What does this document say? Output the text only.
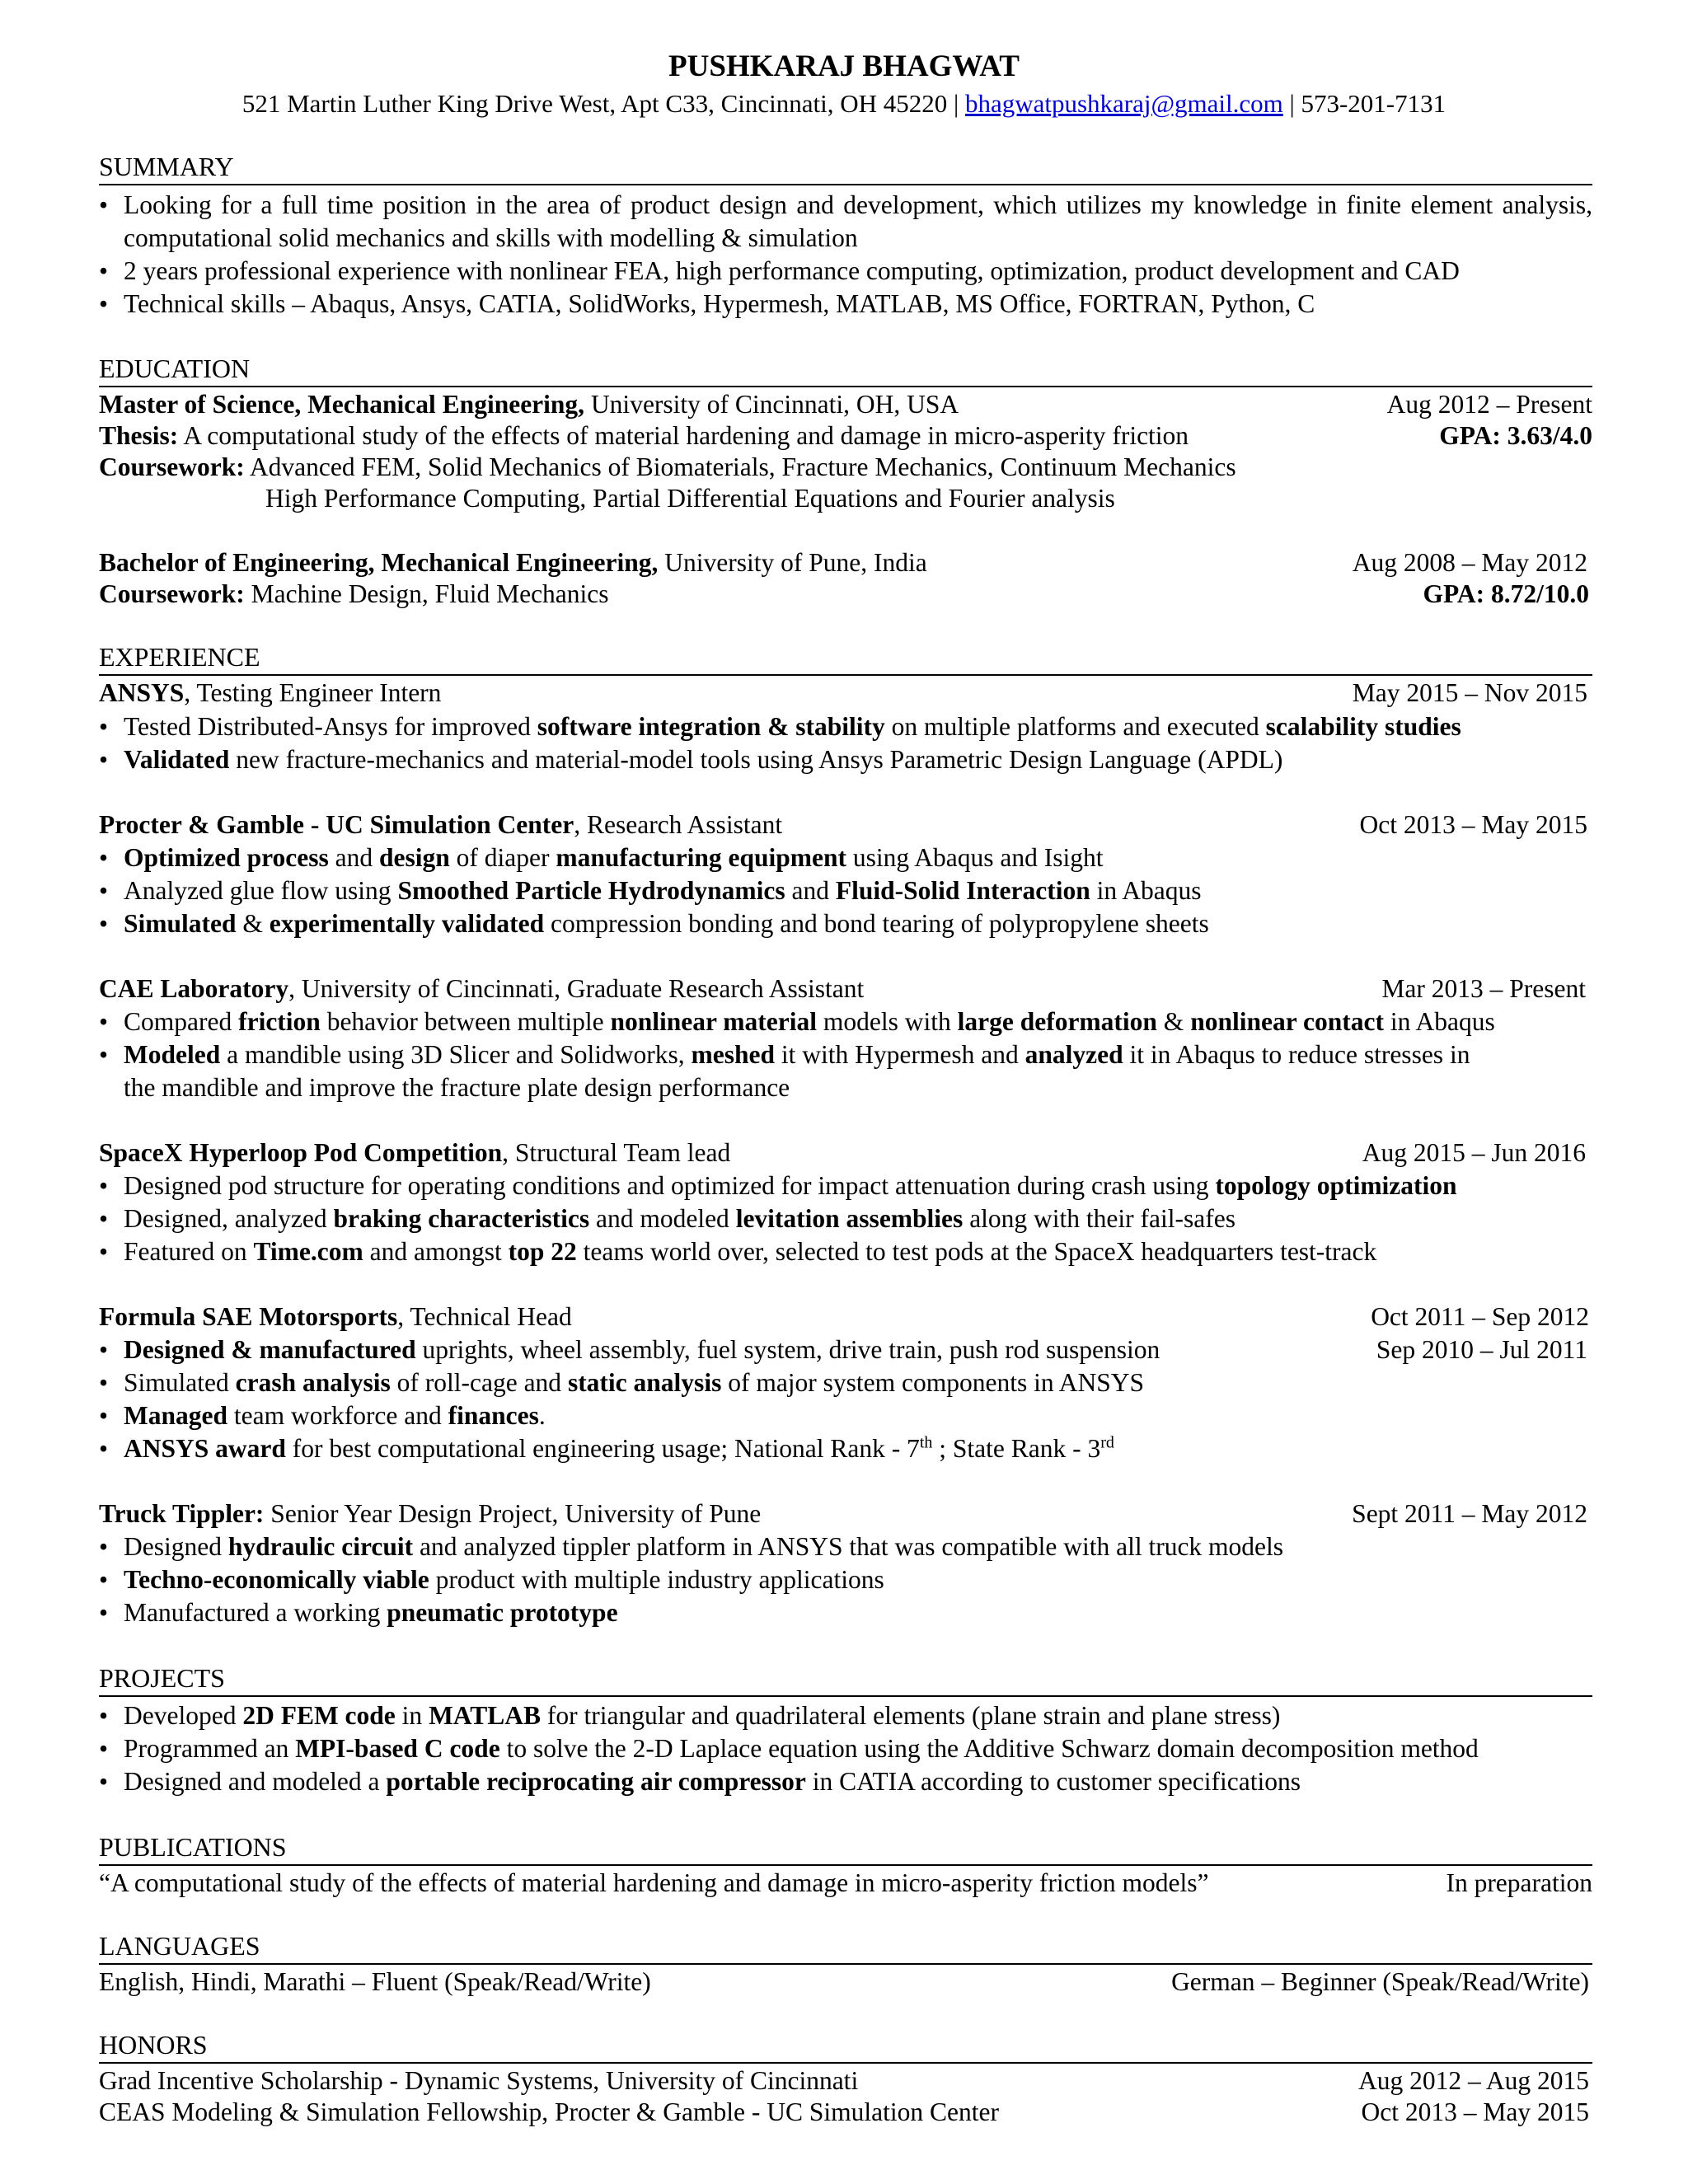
PUSHKARAJ BHAGWAT
521 Martin Luther King Drive West, Apt C33, Cincinnati, OH 45220 | bhagwatpushkaraj@gmail.com | 573-201-7131
SUMMARY
• Looking for a full time position in the area of product design and development, which utilizes my knowledge in finite element analysis, computational solid mechanics and skills with modelling & simulation
• 2 years professional experience with nonlinear FEA, high performance computing, optimization, product development and CAD
• Technical skills – Abaqus, Ansys, CATIA, SolidWorks, Hypermesh, MATLAB, MS Office, FORTRAN, Python, C
EDUCATION
Master of Science, Mechanical Engineering, University of Cincinnati, OH, USA	Aug 2012 – Present
Thesis: A computational study of the effects of material hardening and damage in micro-asperity friction	GPA: 3.63/4.0
Coursework: Advanced FEM, Solid Mechanics of Biomaterials, Fracture Mechanics, Continuum Mechanics
High Performance Computing, Partial Differential Equations and Fourier analysis
Bachelor of Engineering, Mechanical Engineering, University of Pune, India	Aug 2008 – May 2012
Coursework: Machine Design, Fluid Mechanics	GPA: 8.72/10.0
EXPERIENCE
ANSYS, Testing Engineer Intern	May 2015 – Nov 2015
• Tested Distributed-Ansys for improved software integration & stability on multiple platforms and executed scalability studies
• Validated new fracture-mechanics and material-model tools using Ansys Parametric Design Language (APDL)
Procter & Gamble - UC Simulation Center, Research Assistant	Oct 2013 – May 2015
• Optimized process and design of diaper manufacturing equipment using Abaqus and Isight
• Analyzed glue flow using Smoothed Particle Hydrodynamics and Fluid-Solid Interaction in Abaqus
• Simulated & experimentally validated compression bonding and bond tearing of polypropylene sheets
CAE Laboratory, University of Cincinnati, Graduate Research Assistant	Mar 2013 – Present
• Compared friction behavior between multiple nonlinear material models with large deformation & nonlinear contact in Abaqus
• Modeled a mandible using 3D Slicer and Solidworks, meshed it with Hypermesh and analyzed it in Abaqus to reduce stresses in
the mandible and improve the fracture plate design performance
SpaceX Hyperloop Pod Competition, Structural Team lead	Aug 2015 – Jun 2016
• Designed pod structure for operating conditions and optimized for impact attenuation during crash using topology optimization
• Designed, analyzed braking characteristics and modeled levitation assemblies along with their fail-safes
• Featured on Time.com and amongst top 22 teams world over, selected to test pods at the SpaceX headquarters test-track
Formula SAE Motorsports, Technical Head	Oct 2011 – Sep 2012
• Designed & manufactured uprights, wheel assembly, fuel system, drive train, push rod suspension	Sep 2010 – Jul 2011
• Simulated crash analysis of roll-cage and static analysis of major system components in ANSYS
• Managed team workforce and finances.
• ANSYS award for best computational engineering usage; National Rank - 7th ; State Rank - 3rd
Truck Tippler: Senior Year Design Project, University of Pune	Sept 2011 – May 2012
• Designed hydraulic circuit and analyzed tippler platform in ANSYS that was compatible with all truck models
• Techno-economically viable product with multiple industry applications
• Manufactured a working pneumatic prototype
PROJECTS
• Developed 2D FEM code in MATLAB for triangular and quadrilateral elements (plane strain and plane stress)
• Programmed an MPI-based C code to solve the 2-D Laplace equation using the Additive Schwarz domain decomposition method
• Designed and modeled a portable reciprocating air compressor in CATIA according to customer specifications
PUBLICATIONS
“A computational study of the effects of material hardening and damage in micro-asperity friction models”	In preparation
LANGUAGES
English, Hindi, Marathi – Fluent (Speak/Read/Write)	German – Beginner (Speak/Read/Write)
HONORS
Grad Incentive Scholarship - Dynamic Systems, University of Cincinnati	Aug 2012 – Aug 2015
CEAS Modeling & Simulation Fellowship, Procter & Gamble - UC Simulation Center	Oct 2013 – May 2015
